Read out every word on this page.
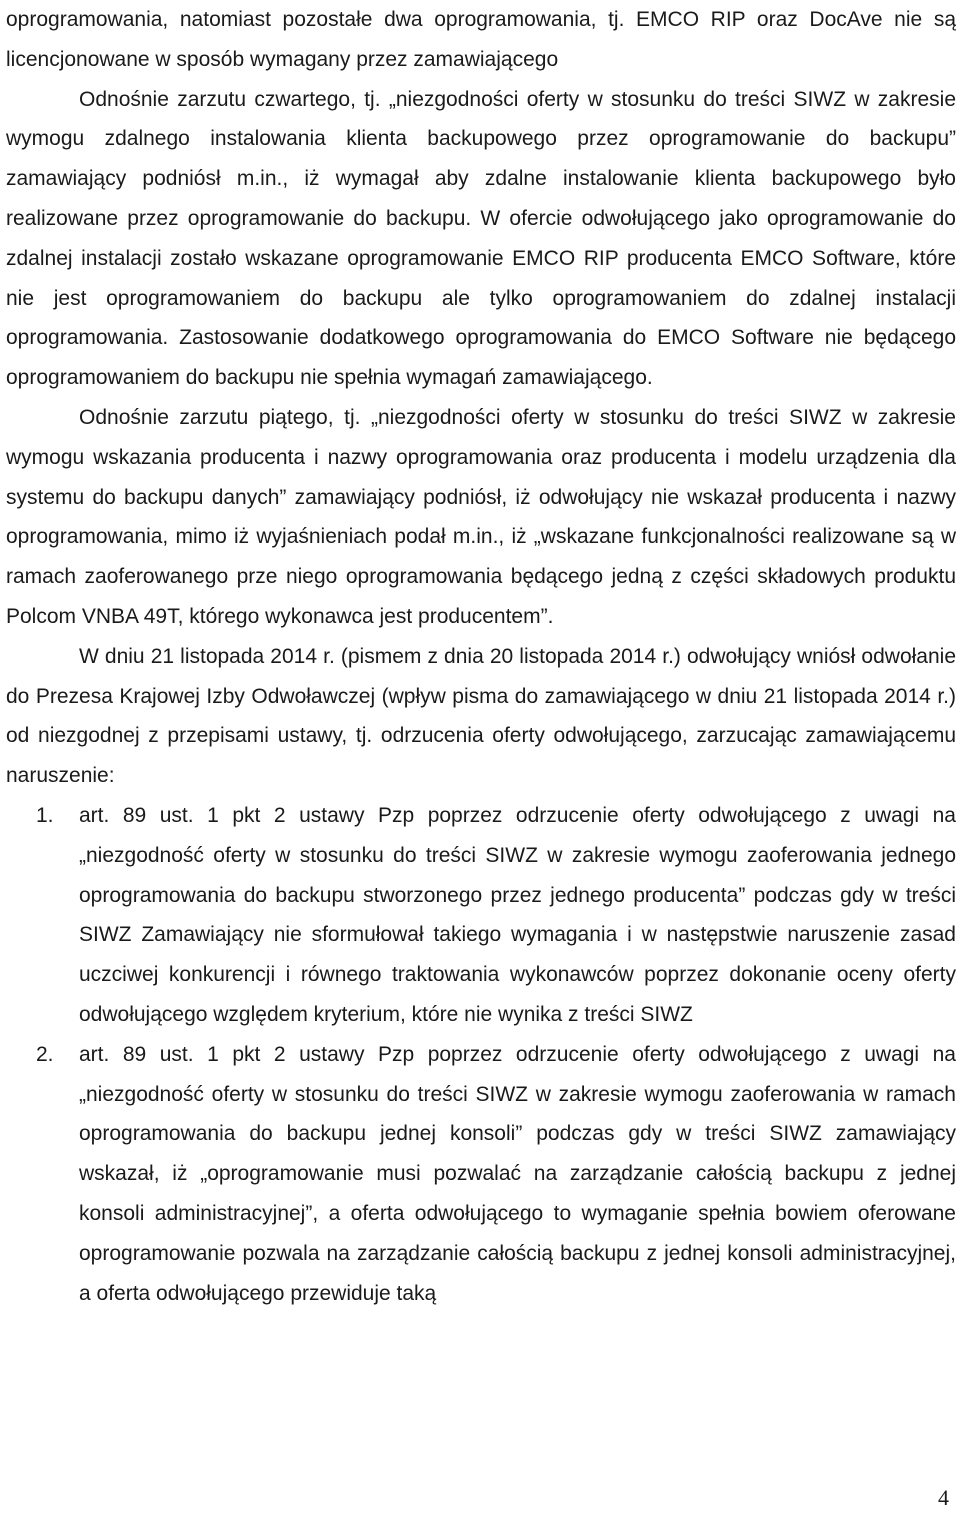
oprogramowania, natomiast pozostałe dwa oprogramowania, tj. EMCO RIP oraz DocAve nie są licencjonowane w sposób wymagany przez zamawiającego

Odnośnie zarzutu czwartego, tj. „niezgodności oferty w stosunku do treści SIWZ w zakresie wymogu zdalnego instalowania klienta backupowego przez oprogramowanie do backupu” zamawiający podniósł m.in., iż wymagał aby zdalne instalowanie klienta backupowego było realizowane przez oprogramowanie do backupu. W ofercie odwołującego jako oprogramowanie do zdalnej instalacji zostało wskazane oprogramowanie EMCO RIP producenta EMCO Software, które nie jest oprogramowaniem do backupu ale tylko oprogramowaniem do zdalnej instalacji oprogramowania. Zastosowanie dodatkowego oprogramowania do EMCO Software nie będącego oprogramowaniem do backupu nie spełnia wymagań zamawiającego.

Odnośnie zarzutu piątego, tj. „niezgodności oferty w stosunku do treści SIWZ w zakresie wymogu wskazania producenta i nazwy oprogramowania oraz producenta i modelu urządzenia dla systemu do backupu danych” zamawiający podniósł, iż odwołujący nie wskazał producenta i nazwy oprogramowania, mimo iż wyjaśnieniach podał m.in., iż „wskazane funkcjonalności realizowane są w ramach zaoferowanego prze niego oprogramowania będącego jedną z części składowych produktu Polcom VNBA 49T, którego wykonawca jest producentem”.

W dniu 21 listopada 2014 r. (pismem z dnia 20 listopada 2014 r.) odwołujący wniósł odwołanie do Prezesa Krajowej Izby Odwoławczej (wpływ pisma do zamawiającego w dniu 21 listopada 2014 r.) od niezgodnej z przepisami ustawy, tj. odrzucenia oferty odwołującego, zarzucając zamawiającemu naruszenie:

1. art. 89 ust. 1 pkt 2 ustawy Pzp poprzez odrzucenie oferty odwołującego z uwagi na „niezgodność oferty w stosunku do treści SIWZ w zakresie wymogu zaoferowania jednego oprogramowania do backupu stworzonego przez jednego producenta” podczas gdy w treści SIWZ Zamawiający nie sformułował takiego wymagania i w następstwie naruszenie zasad uczciwej konkurencji i równego traktowania wykonawców poprzez dokonanie oceny oferty odwołującego względem kryterium, które nie wynika z treści SIWZ
2. art. 89 ust. 1 pkt 2 ustawy Pzp poprzez odrzucenie oferty odwołującego z uwagi na „niezgodność oferty w stosunku do treści SIWZ w zakresie wymogu zaoferowania w ramach oprogramowania do backupu jednej konsoli” podczas gdy w treści SIWZ zamawiający wskazał, iż „oprogramowanie musi pozwalać na zarządzanie całością backupu z jednej konsoli administracyjnej”, a oferta odwołującego to wymaganie spełnia bowiem oferowane oprogramowanie pozwala na zarządzanie całością backupu z jednej konsoli administracyjnej, a oferta odwołującego przewiduje taką
4
